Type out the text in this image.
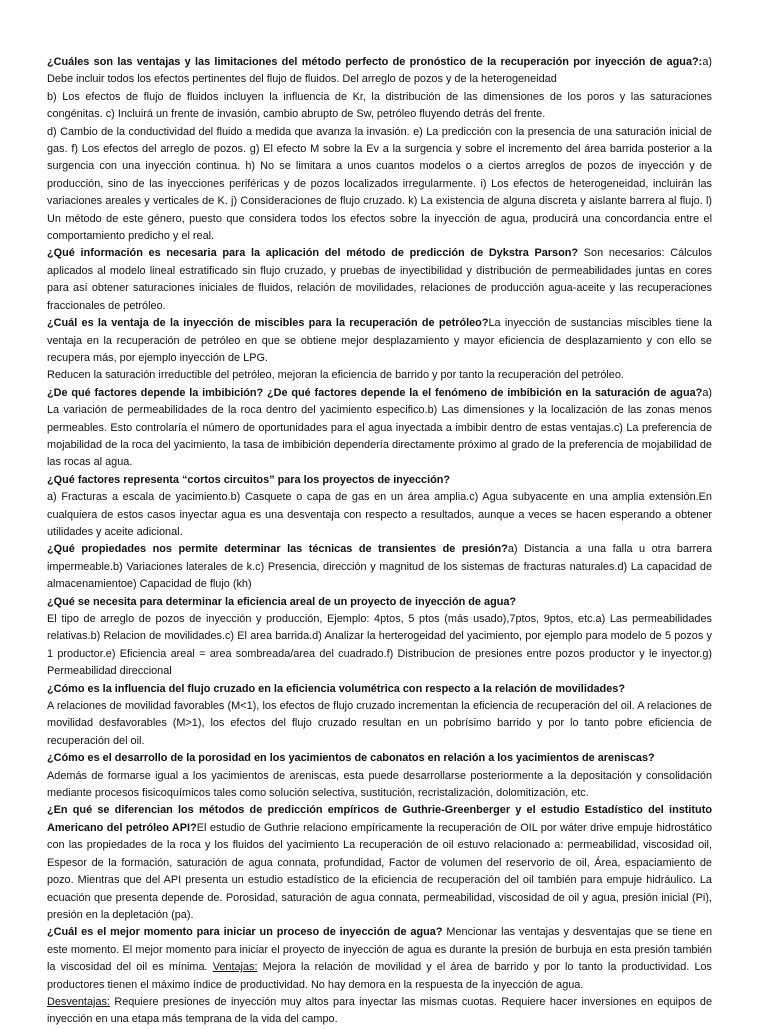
¿Cuáles son las ventajas y las limitaciones del método perfecto de pronóstico de la recuperación por inyección de agua?:a) Debe incluir todos los efectos pertinentes del flujo de fluidos. Del arreglo de pozos y de la heterogeneidad

b) Los efectos de flujo de fluidos incluyen la influencia de Kr, la distribución de las dimensiones de los poros y las saturaciones congénitas. c) Incluirá un frente de invasión, cambio abrupto de Sw, petróleo fluyendo detrás del frente.

d) Cambio de la conductividad del fluido a medida que avanza la invasión. e) La predicción con la presencia de una saturación inicial de gas. f) Los efectos del arreglo de pozos. g) El efecto M sobre la Ev a la surgencia y sobre el incremento del área barrida posterior a la surgencia con una inyección continua. h) No se limitara a unos cuantos modelos o a ciertos arreglos de pozos de inyección y de producción, sino de las inyecciones periféricas y de pozos localizados irregularmente. i) Los efectos de heterogeneidad, incluirán las variaciones areales y verticales de K. j) Consideraciones de flujo cruzado. k) La existencia de alguna discreta y aislante barrera al flujo. l) Un método de este género, puesto que considera todos los efectos sobre la inyección de agua, producirá una concordancia entre el comportamiento predicho y el real.

¿Qué información es necesaria para la aplicación del método de predicción de Dykstra Parson? Son necesarios: Cálculos aplicados al modelo lineal estratificado sin flujo cruzado, y pruebas de inyectibilidad y distribución de permeabilidades juntas en cores para así obtener saturaciones iniciales de fluidos, relación de movilidades, relaciones de producción agua-aceite y las recuperaciones fraccionales de petróleo.

¿Cuál es la ventaja de la inyección de miscibles para la recuperación de petróleo?La inyección de sustancias miscibles tiene la ventaja en la recuperación de petróleo en que se obtiene mejor desplazamiento y mayor eficiencia de desplazamiento y con ello se recupera más, por ejemplo inyección de LPG.

Reducen la saturación irreductible del petróleo, mejoran la eficiencia de barrido y por tanto la recuperación del petróleo.

¿De qué factores depende la imbibición? ¿De qué factores depende la el fenómeno de imbibición en la saturación de agua?a) La variación de permeabilidades de la roca dentro del yacimiento especifico.b) Las dimensiones y la localización de las zonas menos permeables. Esto controlaría el número de oportunidades para el agua inyectada a imbibir dentro de estas ventajas.c) La preferencia de mojabilidad de la roca del yacimiento, la tasa de imbibición dependería directamente próximo al grado de la preferencia de mojabilidad de las rocas al agua.

¿Qué factores representa “cortos circuitos” para los proyectos de inyección?

a) Fracturas a escala de yacimiento.b) Casquete o capa de gas en un área amplia.c) Agua subyacente en una amplia extensión.En cualquiera de estos casos inyectar agua es una desventaja con respecto a resultados, aunque a veces se hacen esperando a obtener utilidades y aceite adicional.

¿Qué propiedades nos permite determinar las técnicas de transientes de presión?a) Distancia a una falla u otra barrera impermeable.b) Variaciones laterales de k.c) Presencia, dirección y magnitud de los sistemas de fracturas naturales.d) La capacidad de almacenamientoe) Capacidad de flujo (kh)

¿Qué se necesita para determinar la eficiencia areal de un proyecto de inyección de agua?

El tipo de arreglo de pozos de inyección y producción, Ejemplo: 4ptos, 5 ptos (más usado),7ptos, 9ptos, etc.a) Las permeabilidades relativas.b) Relacion de movilidades.c) El area barrida.d) Analizar la herterogeidad del yacimiento, por ejemplo para modelo de 5 pozos y 1 productor.e) Eficiencia areal = area sombreada/area del cuadrado.f) Distribucion de presiones entre pozos productor y le inyector.g) Permeabilidad direccional

¿Cómo es la influencia del flujo cruzado en la eficiencia volumétrica con respecto a la relación de movilidades?

A relaciones de movilidad favorables (M<1), los efectos de flujo cruzado incrementan la eficiencia de recuperación del oil. A relaciones de movilidad desfavorables (M>1), los efectos del flujo cruzado resultan en un pobrísimo barrido y por lo tanto pobre eficiencia de recuperación del oil.

¿Cómo es el desarrollo de la porosidad en los yacimientos de cabonatos en relación a los yacimientos de areniscas?

Además de formarse igual a los yacimientos de areniscas, esta puede desarrollarse posteriormente a la depositación y consolidación mediante procesos fisicoquímicos tales como solución selectiva, sustitución, recristalización, dolomitización, etc.

¿En qué se diferencian los métodos de predicción empíricos de Guthrie-Greenberger y el estudio Estadístico del instituto Americano del petróleo API?El estudio de Guthrie relaciono empíricamente la recuperación de OIL por wáter drive empuje hidrostático con las propiedades de la roca y los fluidos del yacimiento La recuperación de oil estuvo relacionado a: permeabilidad, viscosidad oil, Espesor de la formación, saturación de agua connata, profundidad, Factor de volumen del reservorio de oil, Área, espaciamiento de pozo. Mientras que del API presenta un estudio estadístico de la eficiencia de recuperación del oil también para empuje hidráulico. La ecuación que presenta depende de. Porosidad, saturación de agua connata, permeabilidad, viscosidad de oil y agua, presión inicial (Pi), presión en la depletación (pa).

¿Cuál es el mejor momento para iniciar un proceso de inyección de agua? Mencionar las ventajas y desventajas que se tiene en este momento. El mejor momento para iniciar el proyecto de inyección de agua es durante la presión de burbuja en esta presión también la viscosidad del oil es mínima. Ventajas: Mejora la relación de movilidad y el área de barrido y por lo tanto la productividad. Los productores tienen el máximo índice de productividad. No hay demora en la respuesta de la inyección de agua.

Desventajas: Requiere presiones de inyección muy altos para inyectar las mismas cuotas. Requiere hacer inversiones en equipos de inyección en una etapa más temprana de la vida del campo.
